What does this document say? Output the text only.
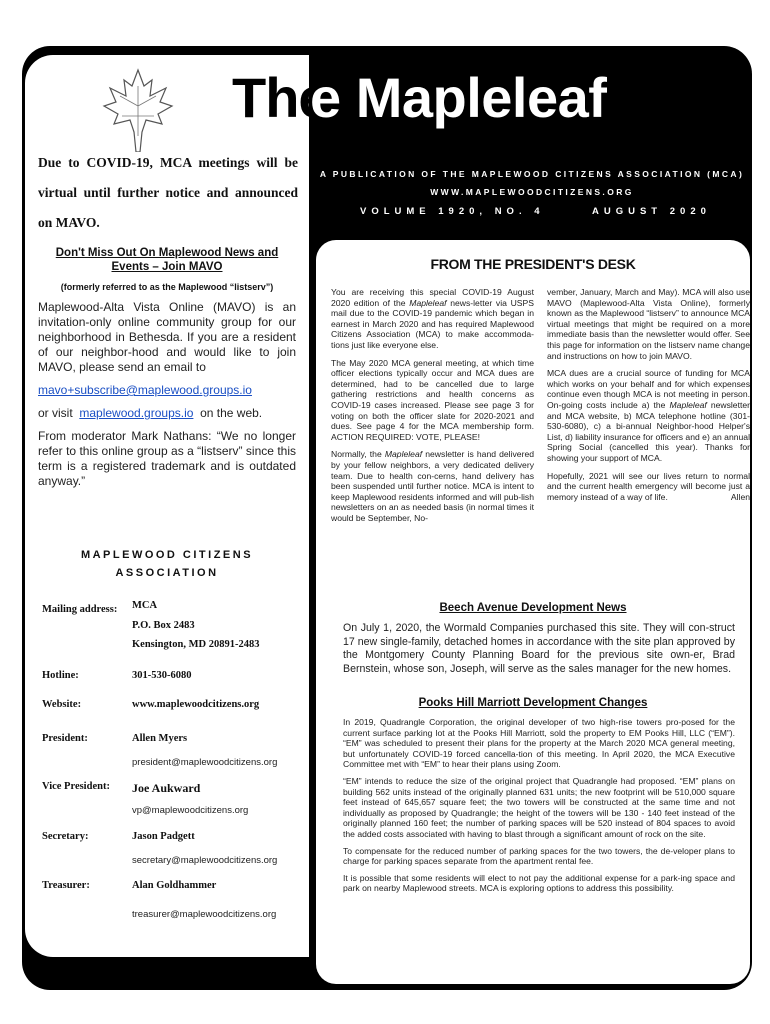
The
e Mapleleaf
Due to COVID-19, MCA meetings will be virtual until further notice and announced on MAVO.
A PUBLICATION OF THE MAPLEWOOD CITIZENS ASSOCIATION (MCA)
WWW.MAPLEWOODCITIZENS.ORG
VOLUME 1920, NO. 4	AUGUST 2020
Don't Miss Out On Maplewood News and Events – Join MAVO
(formerly referred to as the Maplewood “listserv”)

Maplewood-Alta Vista Online (MAVO) is an invitation-only online community group for our neighborhood in Bethesda. If you are a resident of our neighbor-hood and would like to join MAVO, please send an email to

mavo+subscribe@maplewood.groups.io

or visit maplewood.groups.io on the web.

From moderator Mark Nathans: “We no longer refer to this online group as a “listserv” since this term is a registered trademark and is outdated anyway.”

MAPLEWOOD CITIZENS ASSOCIATION
Mailing address:	MCA
P.O. Box 2483
Kensington, MD 20891-2483
Hotline:	301-530-6080
Website:	www.maplewoodcitizens.org
President:	Allen Myers
president@maplewoodcitizens.org
Vice President: Joe Aukward
vp@maplewoodcitizens.org
Secretary:	Jason Padgett
secretary@maplewoodcitizens.org
Treasurer:	Alan Goldhammer
treasurer@maplewoodcitizens.org
FROM THE PRESIDENT'S DESK

You are receiving this special COVID-19 August 2020 edition of the Mapleleaf news-letter via USPS mail due to the COVID-19 pandemic which began in earnest in March 2020 and has required Maplewood Citizens Association (MCA) to make accommoda-tions just like everyone else.

The May 2020 MCA general meeting, at which time officer elections typically occur and MCA dues are determined, had to be cancelled due to large gathering restrictions and health concerns as COVID-19 cases increased. Please see page 3 for voting on both the officer slate for 2020-2021 and dues. See page 4 for the MCA membership form. ACTION REQUIRED: VOTE, PLEASE!

Normally, the Mapleleaf newsletter is hand delivered by your fellow neighbors, a very dedicated delivery team. Due to health con-cerns, hand delivery has been suspended until further notice. MCA is intent to keep Maplewood residents informed and will pub-lish newsletters on an as needed basis (in normal times it would be September, No-

vember, January, March and May). MCA will also use MAVO (Maplewood-Alta Vista Online), formerly known as the Maplewood “listserv” to announce MCA virtual meetings that might be required on a more immediate basis than the newsletter would offer. See this page for information on the listserv name change and instructions on how to join MAVO.

MCA dues are a crucial source of funding for MCA which works on your behalf and for which expenses continue even though MCA is not meeting in person. On-going costs include a) the Mapleleaf newsletter and MCA website, b) MCA telephone hotline (301-530-6080), c) a bi-annual Neighbor-hood Helper's List, d) liability insurance for officers and e) an annual Spring Social (cancelled this year). Thanks for showing your support of MCA.

Hopefully, 2021 will see our lives return to normal and the current health emergency will become just a memory instead of a way of life.	Allen

Beech Avenue Development News

On July 1, 2020, the Wormald Companies purchased this site. They will con-struct 17 new single-family, detached homes in accordance with the site plan approved by the Montgomery County Planning Board for the previous site own-er, Brad Bernstein, whose son, Joseph, will serve as the sales manager for the new homes.

Pooks Hill Marriott Development Changes

In 2019, Quadrangle Corporation, the original developer of two high-rise towers pro-posed for the current surface parking lot at the Pooks Hill Marriott, sold the property to EM Pooks Hill, LLC (“EM”). “EM” was scheduled to present their plans for the property at the March 2020 MCA general meeting, but unfortunately COVID-19 forced cancella-tion of this meeting. In April 2020, the MCA Executive Committee met with “EM” to hear their plans using Zoom.

“EM” intends to reduce the size of the original project that Quadrangle had proposed. “EM” plans on building 562 units instead of the originally planned 631 units; the new footprint will be 510,000 square feet instead of 645,657 square feet; the two towers will be constructed at the same time and not individually as proposed by Quadrangle; the height of the towers will be 130 - 140 feet instead of the originally planned 160 feet; the number of parking spaces will be 520 instead of 804 spaces to avoid the added costs associated with having to blast through a significant amount of rock on the site.

To compensate for the reduced number of parking spaces for the two towers, the de-veloper plans to charge for parking spaces separate from the apartment rental fee.

It is possible that some residents will elect to not pay the additional expense for a park-ing space and park on nearby Maplewood streets. MCA is exploring options to address this possibility.
